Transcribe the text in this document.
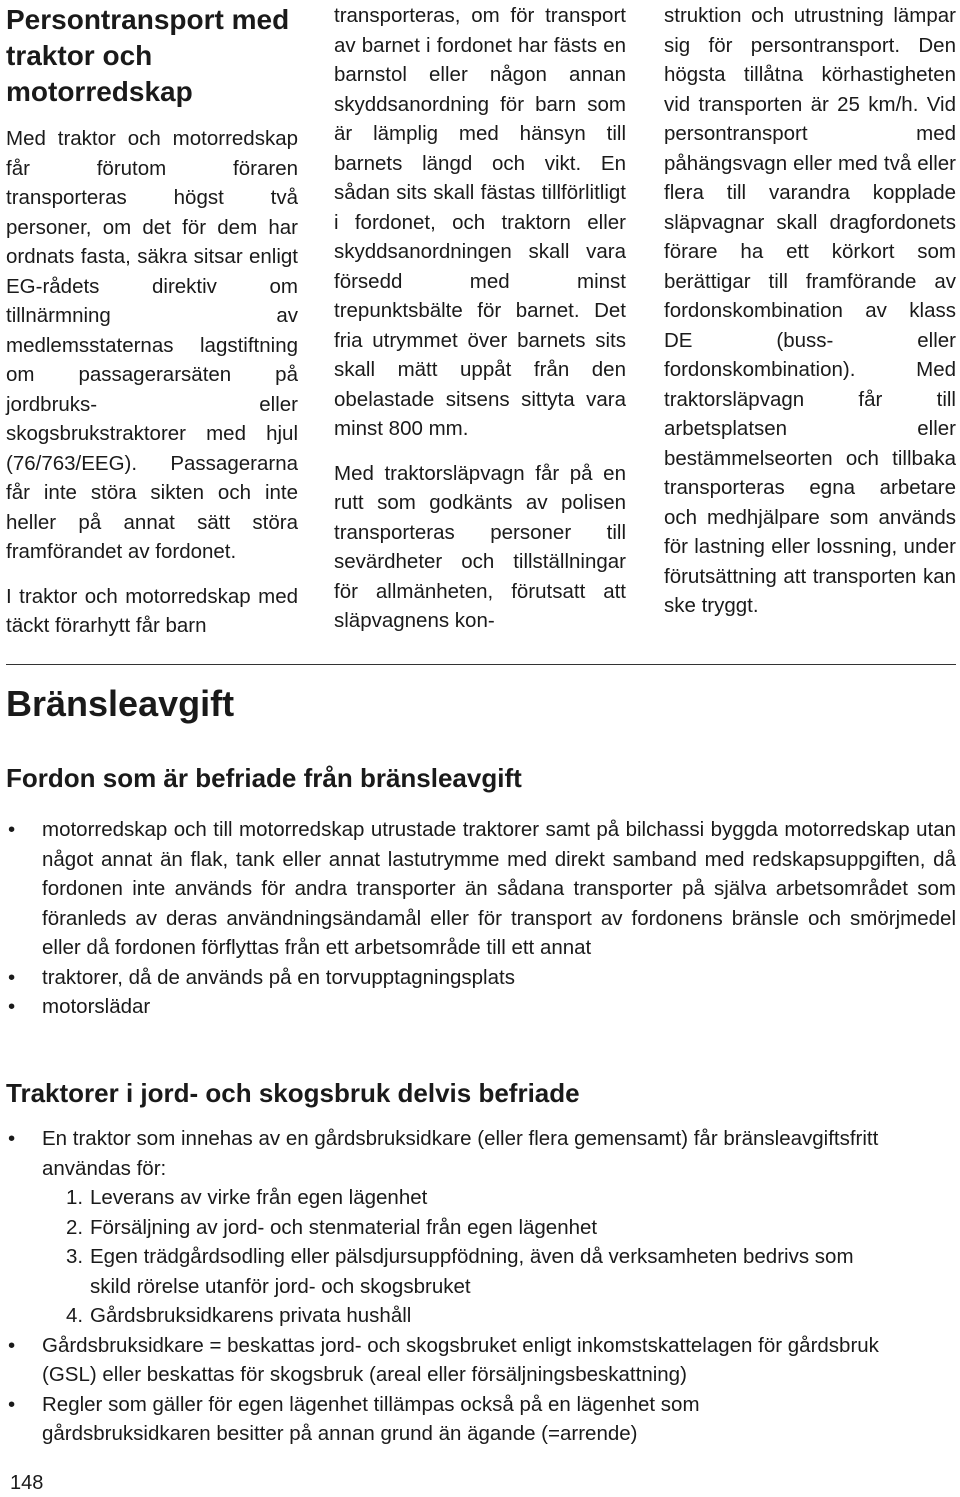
Persontransport med traktor och motorredskap

Med traktor och motorredskap får förutom föraren transporteras högst två personer, om det för dem har ordnats fasta, säkra sitsar enligt EG-rådets direktiv om tillnärmning av medlemsstaternas lagstiftning om passagerarsäten på jordbruks- eller skogsbrukstraktorer med hjul (76/763/EEG). Passagerarna får inte störa sikten och inte heller på annat sätt störa framförandet av fordonet.

I traktor och motorredskap med täckt förarhytt får barn

transporteras, om för transport av barnet i fordonet har fästs en barnstol eller någon annan skyddsanordning för barn som är lämplig med hänsyn till barnets längd och vikt. En sådan sits skall fästas tillförlitligt i fordonet, och traktorn eller skyddsanordningen skall vara försedd med minst trepunktsbälte för barnet. Det fria utrymmet över barnets sits skall mätt uppåt från den obelastade sitsens sittyta vara minst 800 mm.

Med traktorsläpvagn får på en rutt som godkänts av polisen transporteras personer till sevärdheter och tillställningar för allmänheten, förutsatt att släpvagnens kon-

struktion och utrustning lämpar sig för persontransport. Den högsta tillåtna körhastigheten vid transporten är 25 km/h. Vid persontransport med påhängsvagn eller med två eller flera till varandra kopplade släpvagnar skall dragfordonets förare ha ett körkort som berättigar till framförande av fordonskombination av klass DE (buss- eller fordonskombination). Med traktorsläpvagn får till arbetsplatsen eller bestämmelseorten och tillbaka transporteras egna arbetare och medhjälpare som används för lastning eller lossning, under förutsättning att transporten kan ske tryggt.

Bränsleavgift
Fordon som är befriade från bränsleavgift
• motorredskap och till motorredskap utrustade traktorer samt på bilchassi byggda motorredskap utan något annat än flak, tank eller annat lastutrymme med direkt samband med redskapsuppgiften, då fordonen inte används för andra transporter än sådana transporter på själva arbetsområdet som föranleds av deras användningsändamål eller för transport av fordonens bränsle och smörjmedel eller då fordonen förflyttas från ett arbetsområde till ett annat
• traktorer, då de används på en torvupptagningsplats
• motorslädar
Traktorer i jord- och skogsbruk delvis befriade
• En traktor som innehas av en gårdsbruksidkare (eller flera gemensamt) får bränsleavgiftsfritt användas för:
1. Leverans av virke från egen lägenhet
2. Försäljning av jord- och stenmaterial från egen lägenhet
3. Egen trädgårdsodling eller pälsdjursuppfödning, även då verksamheten bedrivs som skild rörelse utanför jord- och skogsbruket
4. Gårdsbruksidkarens privata hushåll
• Gårdsbruksidkare = beskattas jord- och skogsbruket enligt inkomstskattelagen för gårdsbruk (GSL) eller beskattas för skogsbruk (areal eller försäljningsbeskattning)
• Regler som gäller för egen lägenhet tillämpas också på en lägenhet som gårdsbruksidkaren besitter på annan grund än ägande (=arrende)
148
